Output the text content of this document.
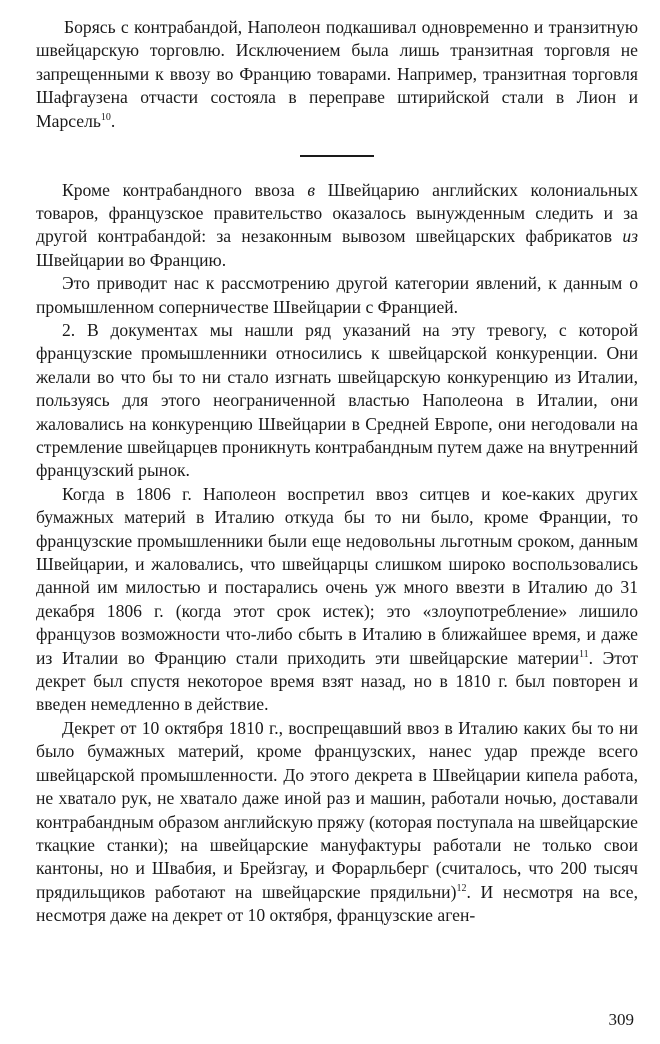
Борясь с контрабандой, Наполеон подкашивал одновременно и транзитную швейцарскую торговлю. Исключением была лишь транзитная торговля не запрещенными к ввозу во Францию товарами. Например, транзитная торговля Шафгаузена отчасти состояла в переправе штирийской стали в Лион и Марсель$^{10}$.

Кроме контрабандного ввоза в Швейцарию английских колониальных товаров, французское правительство оказалось вынужденным следить и за другой контрабандой: за незаконным вывозом швейцарских фабрикатов из Швейцарии во Францию.

Это приводит нас к рассмотрению другой категории явлений, к данным о промышленном соперничестве Швейцарии с Францией.

2. В документах мы нашли ряд указаний на эту тревогу, с которой французские промышленники относились к швейцарской конкуренции. Они желали во что бы то ни стало изгнать швейцарскую конкуренцию из Италии, пользуясь для этого неограниченной властью Наполеона в Италии, они жаловались на конкуренцию Швейцарии в Средней Европе, они негодовали на стремление швейцарцев проникнуть контрабандным путем даже на внутренний французский рынок.

Когда в 1806 г. Наполеон воспретил ввоз ситцев и кое-каких других бумажных материй в Италию откуда бы то ни было, кроме Франции, то французские промышленники были еще недовольны льготным сроком, данным Швейцарии, и жаловались, что швейцарцы слишком широко воспользовались данной им милостью и постарались очень уж много ввезти в Италию до 31 декабря 1806 г. (когда этот срок истек); это «злоупотребление» лишило французов возможности что-либо сбыть в Италию в ближайшее время, и даже из Италии во Францию стали приходить эти швейцарские материи$^{11}$. Этот декрет был спустя некоторое время взят назад, но в 1810 г. был повторен и введен немедленно в действие.

Декрет от 10 октября 1810 г., воспрещавший ввоз в Италию каких бы то ни было бумажных материй, кроме французских, нанес удар прежде всего швейцарской промышленности. До этого декрета в Швейцарии кипела работа, не хватало рук, не хватало даже иной раз и машин, работали ночью, доставали контрабандным образом английскую пряжу (которая поступала на швейцарские ткацкие станки); на швейцарские мануфактуры работали не только свои кантоны, но и Швабия, и Брейзгау, и Форарльберг (считалось, что 200 тысяч прядильщиков работают на швейцарские прядильни)$^{12}$. И несмотря на все, несмотря даже на декрет от 10 октября, французские аген-

309
